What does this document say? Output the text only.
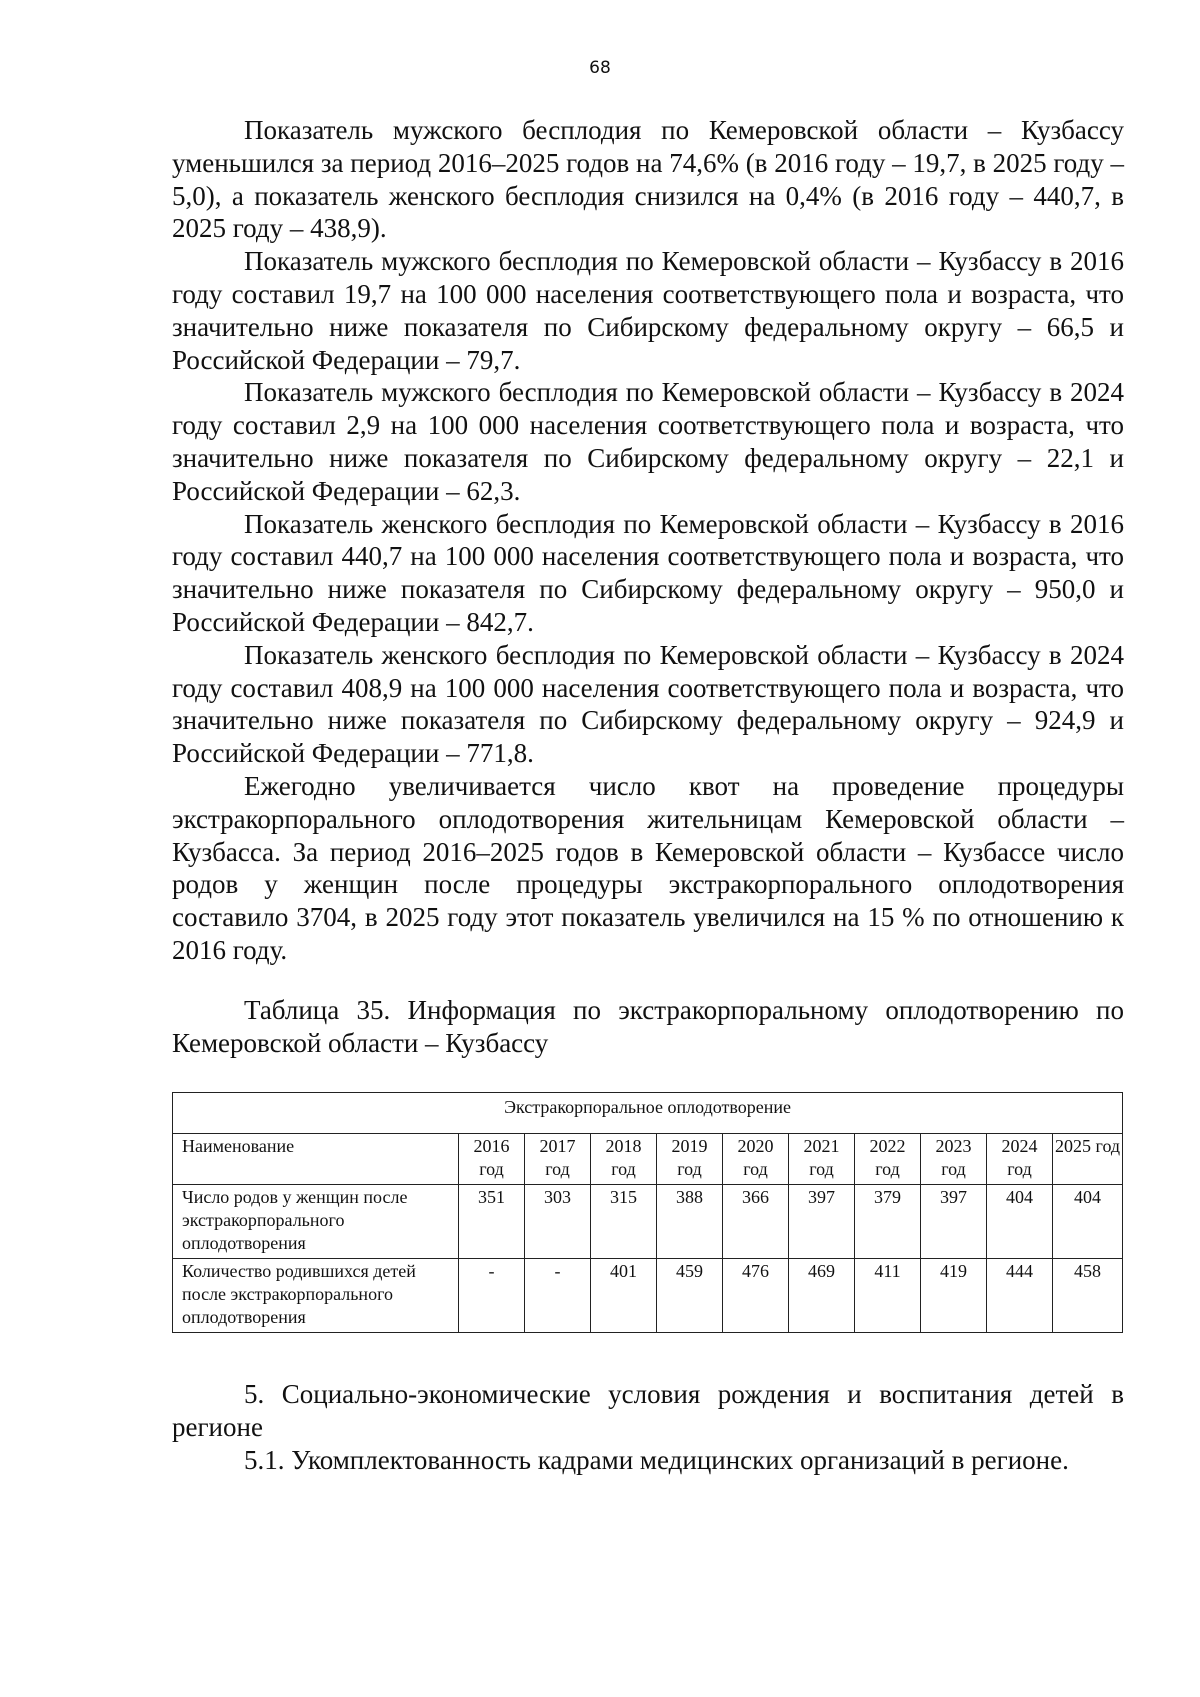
68

Показатель мужского бесплодия по Кемеровской области – Кузбассу уменьшился за период 2016–2025 годов на 74,6% (в 2016 году – 19,7, в 2025 году – 5,0), а показатель женского бесплодия снизился на 0,4% (в 2016 году – 440,7, в 2025 году – 438,9).

Показатель мужского бесплодия по Кемеровской области – Кузбассу в 2016 году составил 19,7 на 100 000 населения соответствующего пола и возраста, что значительно ниже показателя по Сибирскому федеральному округу – 66,5 и Российской Федерации – 79,7.

Показатель мужского бесплодия по Кемеровской области – Кузбассу в 2024 году составил 2,9 на 100 000 населения соответствующего пола и возраста, что значительно ниже показателя по Сибирскому федеральному округу – 22,1 и Российской Федерации – 62,3.

Показатель женского бесплодия по Кемеровской области – Кузбассу в 2016 году составил 440,7 на 100 000 населения соответствующего пола и возраста, что значительно ниже показателя по Сибирскому федеральному округу – 950,0 и Российской Федерации – 842,7.

Показатель женского бесплодия по Кемеровской области – Кузбассу в 2024 году составил 408,9 на 100 000 населения соответствующего пола и возраста, что значительно ниже показателя по Сибирскому федеральному округу – 924,9 и Российской Федерации – 771,8.

Ежегодно увеличивается число квот на проведение процедуры экстракорпорального оплодотворения жительницам Кемеровской области – Кузбасса. За период 2016–2025 годов в Кемеровской области – Кузбассе число родов у женщин после процедуры экстракорпорального оплодотворения составило 3704, в 2025 году этот показатель увеличился на 15 % по отношению к 2016 году.

Таблица 35. Информация по экстракорпоральному оплодотворению по Кемеровской области – Кузбассу
Экстракорпоральное оплодотворение										
Наименование	2016 год	2017 год	2018 год	2019 год	2020 год	2021 год	2022 год	2023 год	2024 год	2025 год
Число родов у женщин после экстракорпорального оплодотворения	351	303	315	388	366	397	379	397	404	404
Количество родившихся детей после экстракорпорального оплодотворения	-	-	401	459	476	469	411	419	444	458

5. Социально-экономические условия рождения и воспитания детей в регионе

5.1. Укомплектованность кадрами медицинских организаций в регионе.
